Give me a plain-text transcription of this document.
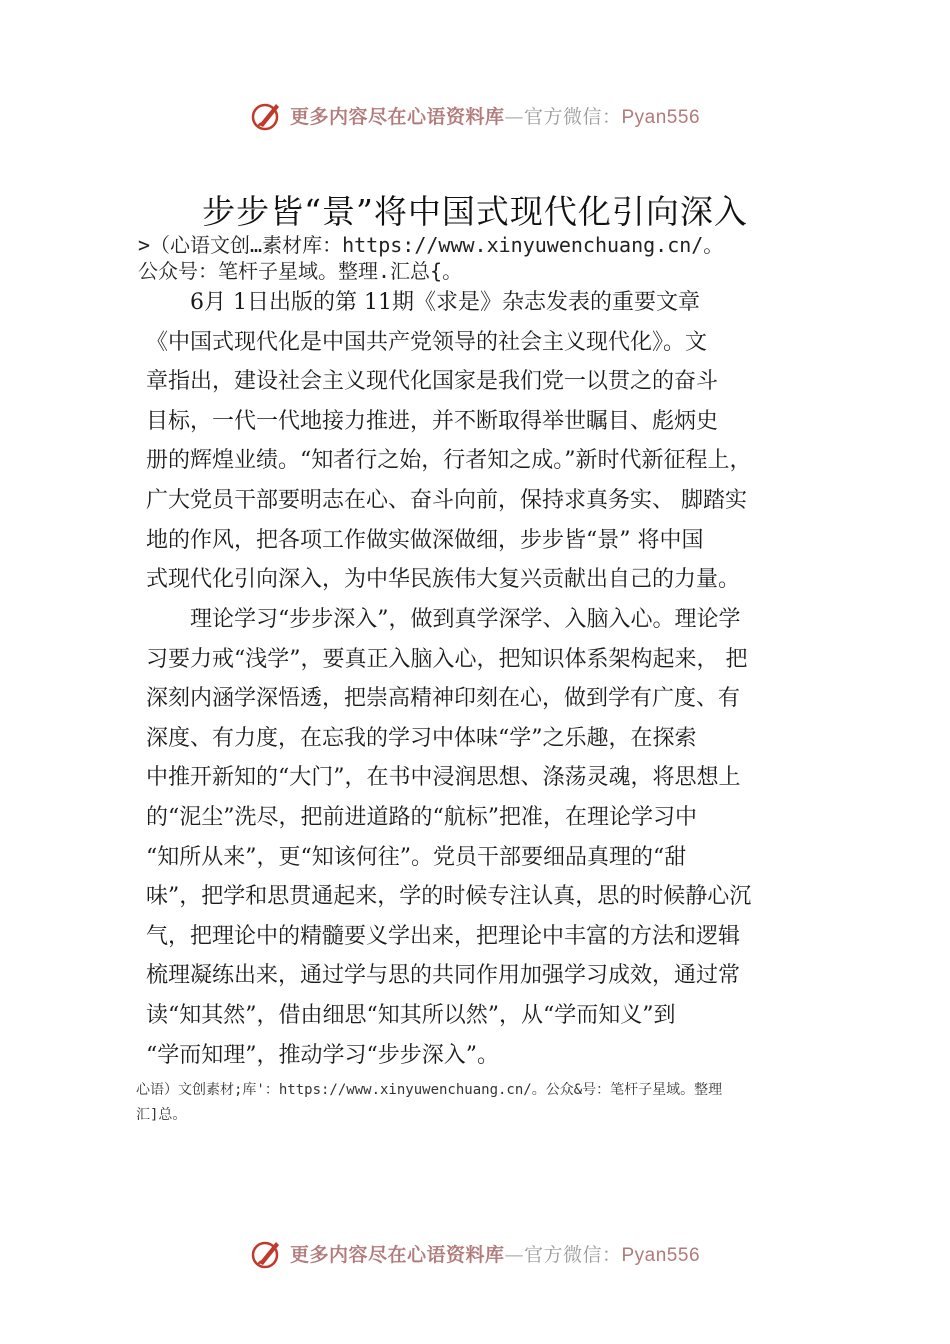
更多内容尽在心语资料库—官方微信：Pyan556
步步皆“景”将中国式现代化引向深入
>（心语文创…素材库：https://www.xinyuwenchuang.cn/。
公众号：笔杆子星域。整理.汇总{。
　　6月 1日出版的第 11期《求是》杂志发表的重要文章
《中国式现代化是中国共产党领导的社会主义现代化》。文
章指出，建设社会主义现代化国家是我们党一以贯之的奋斗
目标，一代一代地接力推进，并不断取得举世瞩目、彪炳史
册的辉煌业绩。“知者行之始，行者知之成。”新时代新征程上，
广大党员干部要明志在心、奋斗向前，保持求真务实、 脚踏实
地的作风，把各项工作做实做深做细，步步皆“景” 将中国
式现代化引向深入，为中华民族伟大复兴贡献出自己的力量。
　　理论学习“步步深入”，做到真学深学、入脑入心。理论学
习要力戒“浅学”，要真正入脑入心，把知识体系架构起来， 把
深刻内涵学深悟透，把崇高精神印刻在心，做到学有广度、有
深度、有力度，在忘我的学习中体味“学”之乐趣，在探索
中推开新知的“大门”，在书中浸润思想、涤荡灵魂，将思想上
的“泥尘”洗尽，把前进道路的“航标”把准，在理论学习中
“知所从来”，更“知该何往”。党员干部要细品真理的“甜
味”，把学和思贯通起来，学的时候专注认真，思的时候静心沉
气，把理论中的精髓要义学出来，把理论中丰富的方法和逻辑
梳理凝练出来，通过学与思的共同作用加强学习成效，通过常
读“知其然”，借由细思“知其所以然”，从“学而知义”到
“学而知理”，推动学习“步步深入”。
心语）文创素材;库'：https://www.xinyuwenchuang.cn/。公众&号：笔杆子星域。整理
汇]总。
更多内容尽在心语资料库—官方微信：Pyan556
